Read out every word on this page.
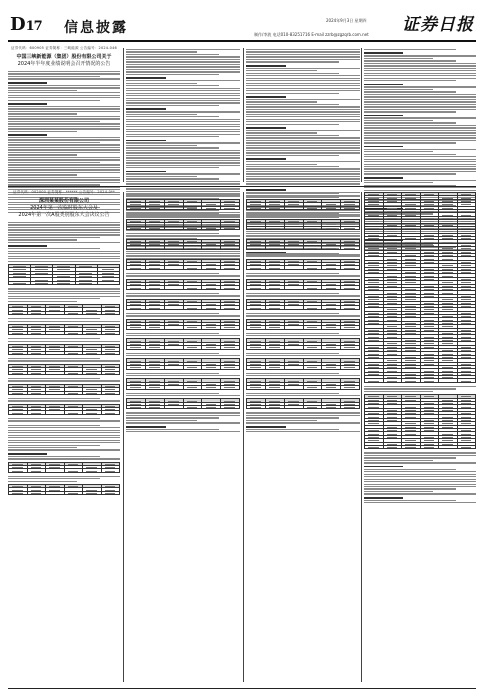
D17 信息披露	2024年9月3日 星期四
制作/李波 电话010-83251716 E-mail zzrb@zgzqrb.com.net 证券日报
证券代码：600905 证券简称：三峡能源 公告编号：2024-046
中国三峡新能源（集团）股份有限公司关于
2024年半年度业绩说明会召开情况的公告
证券代码：002000 证券简称：****** 公告编号：2024-0**
深圳某某股份有限公司
2024年第一次临时股东大会及
2024年第一次A股类别股东大会决议公告
